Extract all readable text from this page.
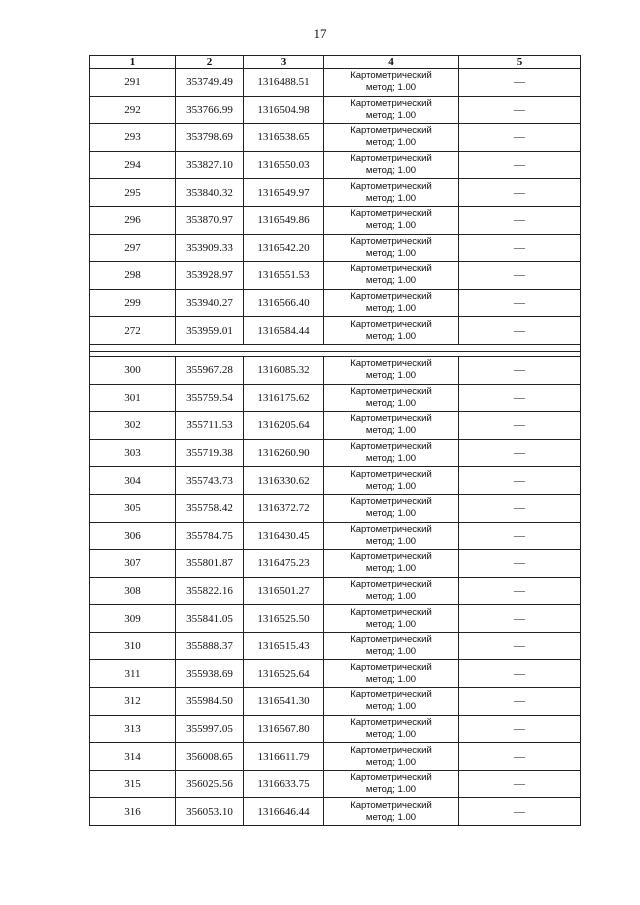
17
1	2	3	4	5
291	353749.49	1316488.51	Картометрический
метод; 1.00	—
292	353766.99	1316504.98	Картометрический
метод; 1.00	—
293	353798.69	1316538.65	Картометрический
метод; 1.00	—
294	353827.10	1316550.03	Картометрический
метод; 1.00	—
295	353840.32	1316549.97	Картометрический
метод; 1.00	—
296	353870.97	1316549.86	Картометрический
метод; 1.00	—
297	353909.33	1316542.20	Картометрический
метод; 1.00	—
298	353928.97	1316551.53	Картометрический
метод; 1.00	—
299	353940.27	1316566.40	Картометрический
метод; 1.00	—
272	353959.01	1316584.44	Картометрический
метод; 1.00	—

300	355967.28	1316085.32	Картометрический
метод; 1.00	—
301	355759.54	1316175.62	Картометрический
метод; 1.00	—
302	355711.53	1316205.64	Картометрический
метод; 1.00	—
303	355719.38	1316260.90	Картометрический
метод; 1.00	—
304	355743.73	1316330.62	Картометрический
метод; 1.00	—
305	355758.42	1316372.72	Картометрический
метод; 1.00	—
306	355784.75	1316430.45	Картометрический
метод; 1.00	—
307	355801.87	1316475.23	Картометрический
метод; 1.00	—
308	355822.16	1316501.27	Картометрический
метод; 1.00	—
309	355841.05	1316525.50	Картометрический
метод; 1.00	—
310	355888.37	1316515.43	Картометрический
метод; 1.00	—
311	355938.69	1316525.64	Картометрический
метод; 1.00	—
312	355984.50	1316541.30	Картометрический
метод; 1.00	—
313	355997.05	1316567.80	Картометрический
метод; 1.00	—
314	356008.65	1316611.79	Картометрический
метод; 1.00	—
315	356025.56	1316633.75	Картометрический
метод; 1.00	—
316	356053.10	1316646.44	Картометрический
метод; 1.00	—
